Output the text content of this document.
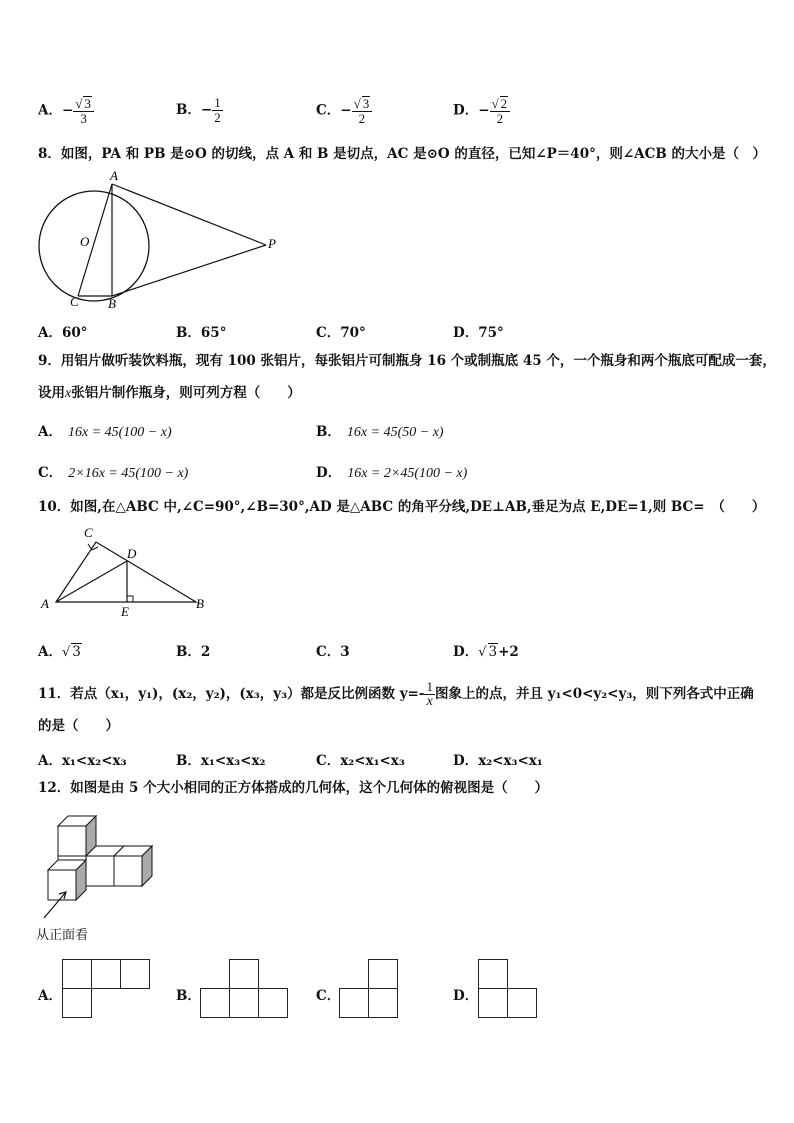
A．− $\frac{√ 3}{3}$	B．− $\frac{1}{2}$	C．− $\frac{√ 3}{2}$	D．− $\frac{√ 2}{2}$
8．如图，PA 和 PB 是⊙O 的切线，点 A 和 B 是切点，AC 是⊙O 的直径，已知∠P＝40°，则∠ACB 的大小是（　）
A
O	P
C B
A．60°	B．65°	C．70°	D．75°
9．用铝片做听装饮料瓶，现有 100 张铝片，每张铝片可制瓶身 16 个或制瓶底 45 个，一个瓶身和两个瓶底可配成一套，
设用x张铝片制作瓶身，则可列方程（　　）
A． 16x = 45(100 − x)	B． 16x = 45(50 − x)
C． 2×16x = 45(100 − x)	D． 16x = 2×45(100 − x)
10．如图,在△ABC 中,∠C=90°,∠B=30°,AD 是△ABC 的角平分线,DE⊥AB,垂足为点 E,DE=1,则 BC=　（　　）
C
D
A
E
B
A．√ 3	B．2	C．3	D．√ 3+2
11．若点（x₁，y₁)，(x₂，y₂)，(x₃，y₃）都是反比例函数 $y=- \frac{1}{x}$ 图象上的点，并且 y₁<0<y₂<y₃，则下列各式中正确
的是（　　）
A．x₁<x₂<x₃	B．x₁<x₃<x₂	C．x₂<x₁<x₃	D．x₂<x₃<x₁
12．如图是由 5 个大小相同的正方体搭成的几何体，这个几何体的俯视图是（　　）
从正面看
A．	B．	C．	D．
